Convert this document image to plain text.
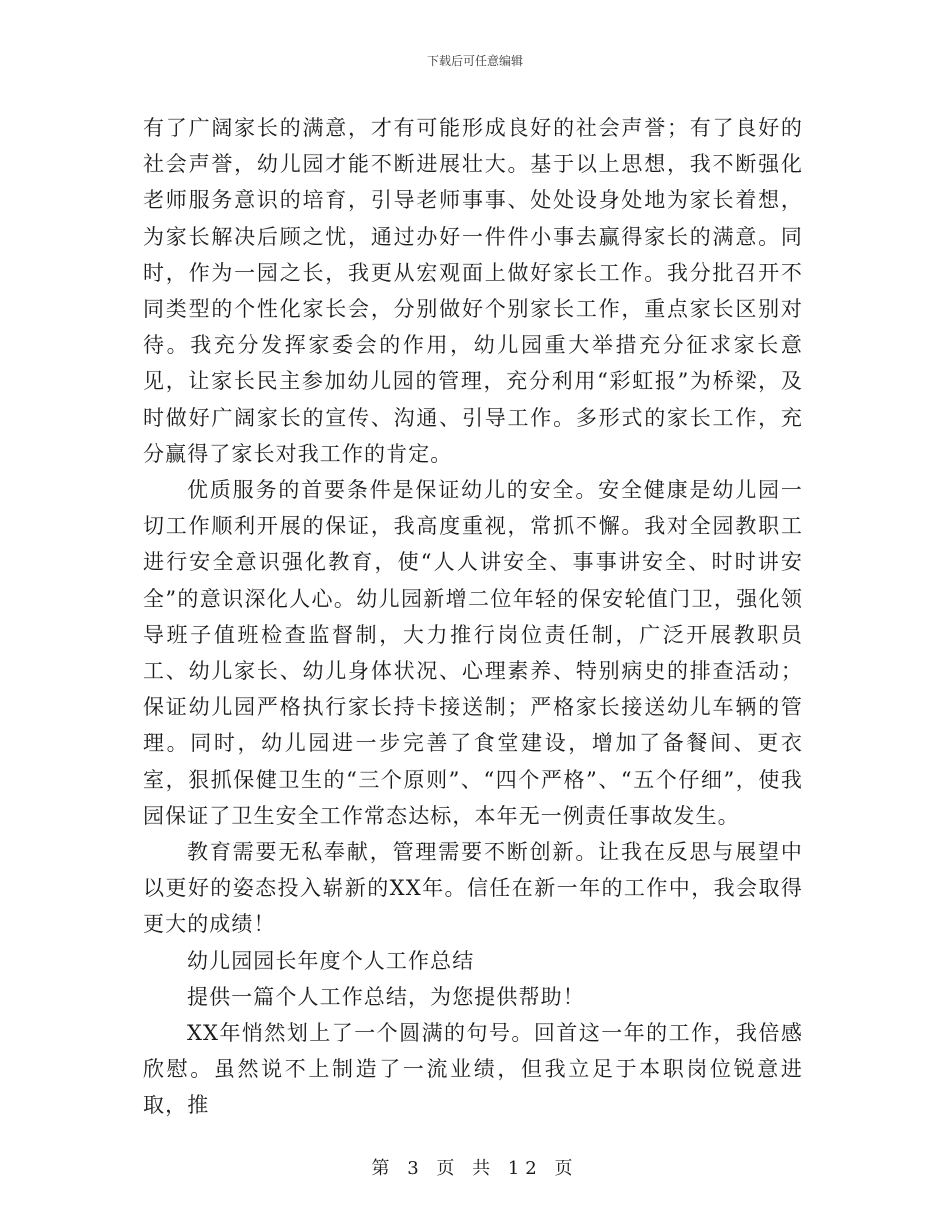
下载后可任意编辑

有了广阔家长的满意，才有可能形成良好的社会声誉；有了良好的社会声誉，幼儿园才能不断进展壮大。基于以上思想，我不断强化老师服务意识的培育，引导老师事事、处处设身处地为家长着想，为家长解决后顾之忧，通过办好一件件小事去赢得家长的满意。同时，作为一园之长，我更从宏观面上做好家长工作。我分批召开不同类型的个性化家长会，分别做好个别家长工作，重点家长区别对待。我充分发挥家委会的作用，幼儿园重大举措充分征求家长意见，让家长民主参加幼儿园的管理，充分利用“彩虹报”为桥梁，及时做好广阔家长的宣传、沟通、引导工作。多形式的家长工作，充分赢得了家长对我工作的肯定。

优质服务的首要条件是保证幼儿的安全。安全健康是幼儿园一切工作顺利开展的保证，我高度重视，常抓不懈。我对全园教职工进行安全意识强化教育，使“人人讲安全、事事讲安全、时时讲安全”的意识深化人心。幼儿园新增二位年轻的保安轮值门卫，强化领导班子值班检查监督制，大力推行岗位责任制，广泛开展教职员工、幼儿家长、幼儿身体状况、心理素养、特别病史的排查活动；保证幼儿园严格执行家长持卡接送制；严格家长接送幼儿车辆的管理。同时，幼儿园进一步完善了食堂建设，增加了备餐间、更衣室，狠抓保健卫生的“三个原则”、“四个严格”、“五个仔细”，使我园保证了卫生安全工作常态达标，本年无一例责任事故发生。

教育需要无私奉献，管理需要不断创新。让我在反思与展望中以更好的姿态投入崭新的XX年。信任在新一年的工作中，我会取得更大的成绩！

幼儿园园长年度个人工作总结

提供一篇个人工作总结，为您提供帮助！

XX年悄然划上了一个圆满的句号。回首这一年的工作，我倍感欣慰。虽然说不上制造了一流业绩，但我立足于本职岗位锐意进取，推

第 3 页 共 12 页
